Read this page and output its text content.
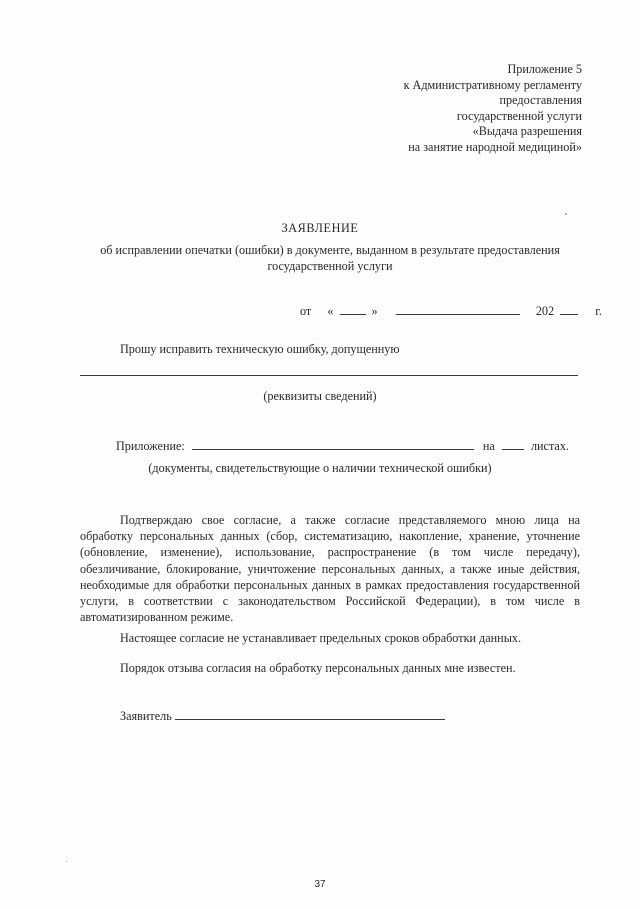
Приложение 5
к Административному регламенту
предоставления
государственной услуги
«Выдача разрешения
на занятие народной медициной»
ЗАЯВЛЕНИЕ
об исправлении опечатки (ошибки) в документе, выданном в результате предоставления государственной услуги
от «	»	202	г.
Прошу исправить техническую ошибку, допущенную
(реквизиты сведений)
Приложение:	на	листах.
(документы, свидетельствующие о наличии технической ошибки)

Подтверждаю свое согласие, а также согласие представляемого мною лица на обработку персональных данных (сбор, систематизацию, накопление, хранение, уточнение (обновление, изменение), использование, распространение (в том числе передачу), обезличивание, блокирование, уничтожение персональных данных, а также иные действия, необходимые для обработки персональных данных в рамках предоставления государственной услуги, в соответствии с законодательством Российской Федерации), в том числе в автоматизированном режиме.

Настоящее согласие не устанавливает предельных сроков обработки данных.
Порядок отзыва согласия на обработку персональных данных мне известен.
Заявитель
37
